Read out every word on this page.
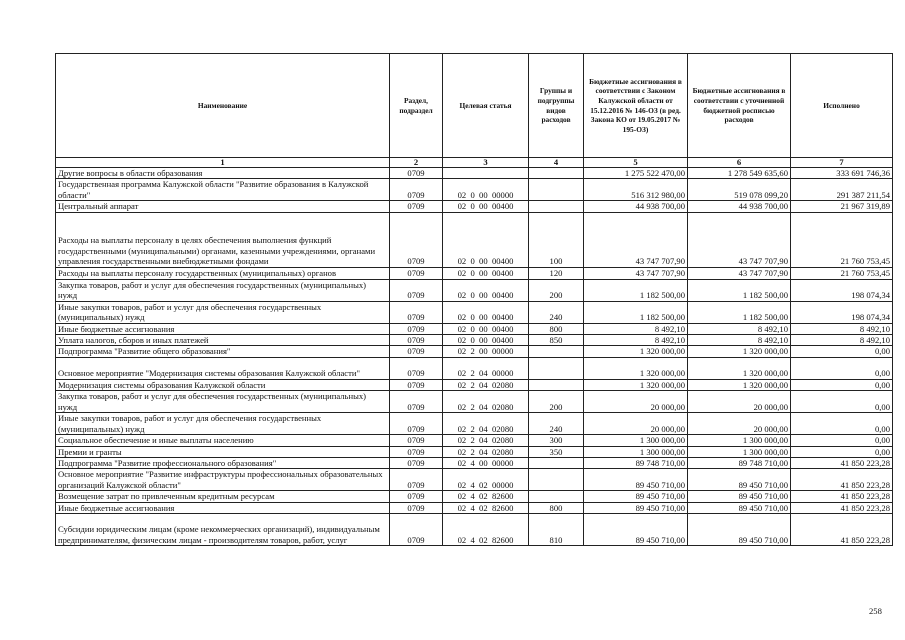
Наименование	Раздел, подраздел	Целевая статья	Группы и подгруппы видов расходов	Бюджетные ассигнования в соответствии с Законом Калужской области от 15.12.2016 № 146-ОЗ (в ред. Закона КО от 19.05.2017 № 195-ОЗ)	Бюджетные ассигнования в соответствии с уточненной бюджетной росписью расходов	Исполнено
1	2	3	4	5	6	7
Другие вопросы в области образования	0709			1 275 522 470,00	1 278 549 635,60	333 691 746,36
Государственная программа Калужской области "Развитие образования в Калужской области"	0709	02  0  00  00000		516 312 980,00	519 078 099,20	291 387 211,54
Центральный аппарат	0709	02  0  00  00400		44 938 700,00	44 938 700,00	21 967 319,89
Расходы на выплаты персоналу в целях обеспечения выполнения функций государственными (муниципальными) органами, казенными учреждениями, органами управления государственными внебюджетными фондами	0709	02  0  00  00400	100	43 747 707,90	43 747 707,90	21 760 753,45
Расходы на выплаты персоналу государственных (муниципальных) органов	0709	02  0  00  00400	120	43 747 707,90	43 747 707,90	21 760 753,45
Закупка товаров, работ и услуг для обеспечения государственных (муниципальных) нужд	0709	02  0  00  00400	200	1 182 500,00	1 182 500,00	198 074,34
Иные закупки товаров, работ и услуг для обеспечения государственных (муниципальных) нужд	0709	02  0  00  00400	240	1 182 500,00	1 182 500,00	198 074,34
Иные бюджетные ассигнования	0709	02  0  00  00400	800	8 492,10	8 492,10	8 492,10
Уплата налогов, сборов и иных платежей	0709	02  0  00  00400	850	8 492,10	8 492,10	8 492,10
Подпрограмма "Развитие общего образования"	0709	02  2  00  00000		1 320 000,00	1 320 000,00	0,00
Основное мероприятие "Модернизация системы образования Калужской области"	0709	02  2  04  00000		1 320 000,00	1 320 000,00	0,00
Модернизация системы образования Калужской области	0709	02  2  04  02080		1 320 000,00	1 320 000,00	0,00
Закупка товаров, работ и услуг для обеспечения государственных (муниципальных) нужд	0709	02  2  04  02080	200	20 000,00	20 000,00	0,00
Иные закупки товаров, работ и услуг для обеспечения государственных (муниципальных) нужд	0709	02  2  04  02080	240	20 000,00	20 000,00	0,00
Социальное обеспечение и иные выплаты населению	0709	02  2  04  02080	300	1 300 000,00	1 300 000,00	0,00
Премии и гранты	0709	02  2  04  02080	350	1 300 000,00	1 300 000,00	0,00
Подпрограмма "Развитие профессионального образования"	0709	02  4  00  00000		89 748 710,00	89 748 710,00	41 850 223,28
Основное мероприятие "Развитие инфраструктуры профессиональных образовательных организаций Калужской области"	0709	02  4  02  00000		89 450 710,00	89 450 710,00	41 850 223,28
Возмещение затрат по привлеченным кредитным ресурсам	0709	02  4  02  82600		89 450 710,00	89 450 710,00	41 850 223,28
Иные бюджетные ассигнования	0709	02  4  02  82600	800	89 450 710,00	89 450 710,00	41 850 223,28
Субсидии юридическим лицам (кроме некоммерческих организаций), индивидуальным предпринимателям, физическим лицам - производителям товаров, работ, услуг	0709	02  4  02  82600	810	89 450 710,00	89 450 710,00	41 850 223,28
258
